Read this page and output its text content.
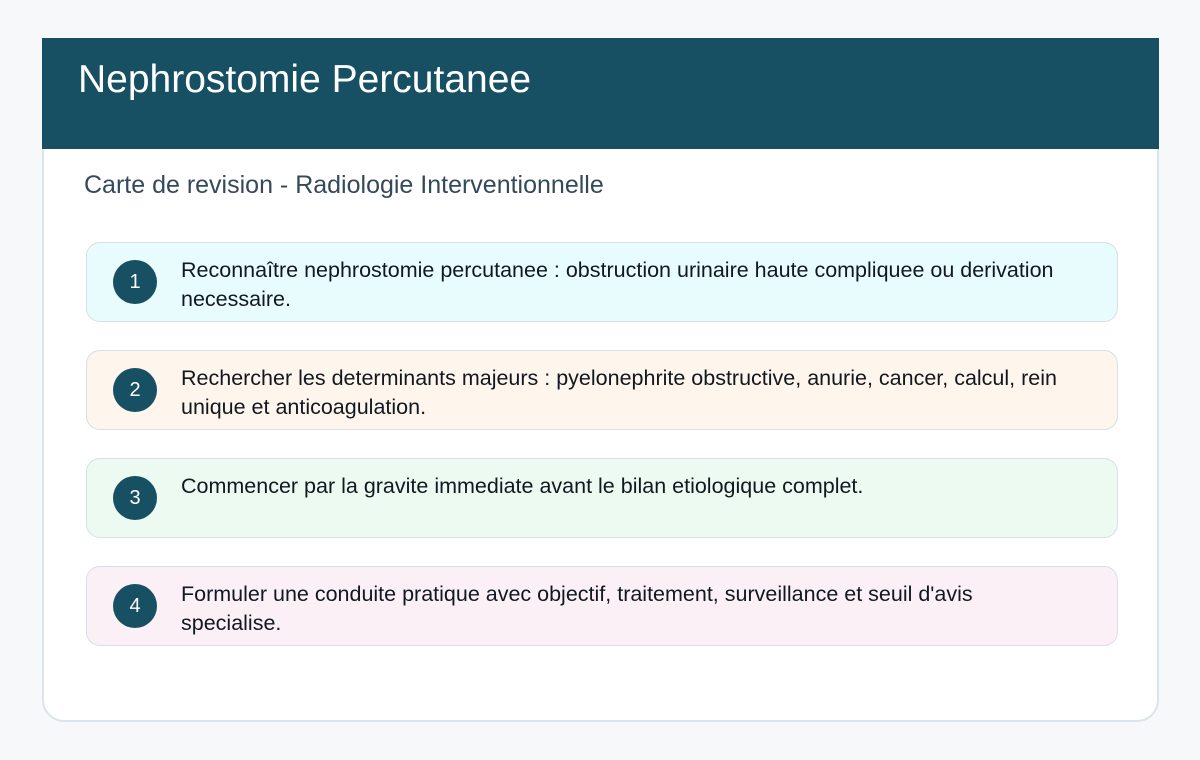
Nephrostomie Percutanee
Carte de revision - Radiologie Interventionnelle
1	Reconnaître nephrostomie percutanee : obstruction urinaire haute compliquee ou derivation necessaire.
2	Rechercher les determinants majeurs : pyelonephrite obstructive, anurie, cancer, calcul, rein unique et anticoagulation.
3	Commencer par la gravite immediate avant le bilan etiologique complet.
4	Formuler une conduite pratique avec objectif, traitement, surveillance et seuil d'avis specialise.
